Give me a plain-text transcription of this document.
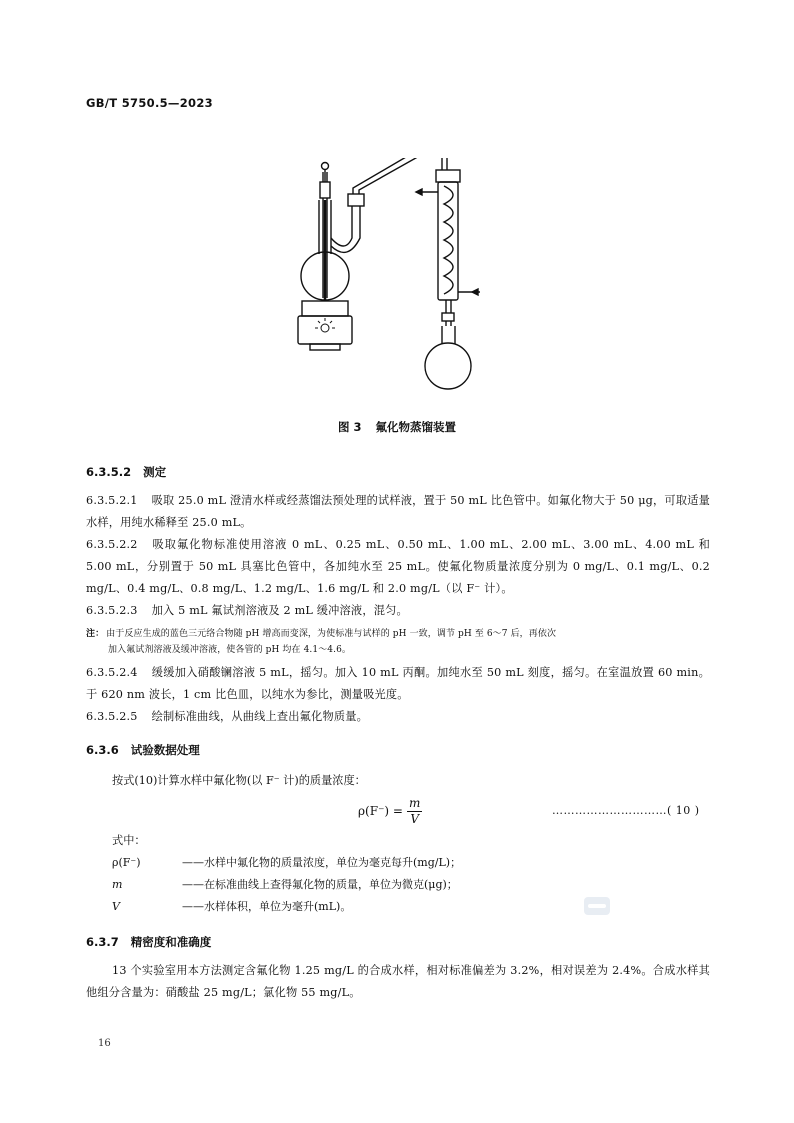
GB/T 5750.5—2023
图 3 氟化物蒸馏装置
6.3.5.2 测定
6.3.5.2.1 吸取 25.0 mL 澄清水样或经蒸馏法预处理的试样液，置于 50 mL 比色管中。如氟化物大于 50 μg，可取适量水样，用纯水稀释至 25.0 mL。
6.3.5.2.2 吸取氟化物标准使用溶液 0 mL、0.25 mL、0.50 mL、1.00 mL、2.00 mL、3.00 mL、4.00 mL 和 5.00 mL，分别置于 50 mL 具塞比色管中，各加纯水至 25 mL。使氟化物质量浓度分别为 0 mg/L、0.1 mg/L、0.2 mg/L、0.4 mg/L、0.8 mg/L、1.2 mg/L、1.6 mg/L 和 2.0 mg/L（以 F⁻ 计）。
6.3.5.2.3 加入 5 mL 氟试剂溶液及 2 mL 缓冲溶液，混匀。
注： 由于反应生成的蓝色三元络合物随 pH 增高而变深，为使标准与试样的 pH 一致，调节 pH 至 6～7 后，再依次
加入氟试剂溶液及缓冲溶液，使各管的 pH 均在 4.1～4.6。
6.3.5.2.4 缓缓加入硝酸镧溶液 5 mL，摇匀。加入 10 mL 丙酮。加纯水至 50 mL 刻度，摇匀。在室温放置 60 min。于 620 nm 波长，1 cm 比色皿，以纯水为参比，测量吸光度。
6.3.5.2.5 绘制标准曲线，从曲线上查出氟化物质量。
6.3.6 试验数据处理
按式(10)计算水样中氟化物(以 F⁻ 计)的质量浓度：
$\rho(F^-) = \frac{m}{V}$	…………………………( 10 )
式中：
ρ(F⁻)	——水样中氟化物的质量浓度，单位为毫克每升(mg/L)；
m	——在标准曲线上查得氟化物的质量，单位为微克(μg)；
V	——水样体积，单位为毫升(mL)。
6.3.7 精密度和准确度
13 个实验室用本方法测定含氟化物 1.25 mg/L 的合成水样，相对标准偏差为 3.2%，相对误差为 2.4%。合成水样其他组分含量为：硝酸盐 25 mg/L；氯化物 55 mg/L。
16
